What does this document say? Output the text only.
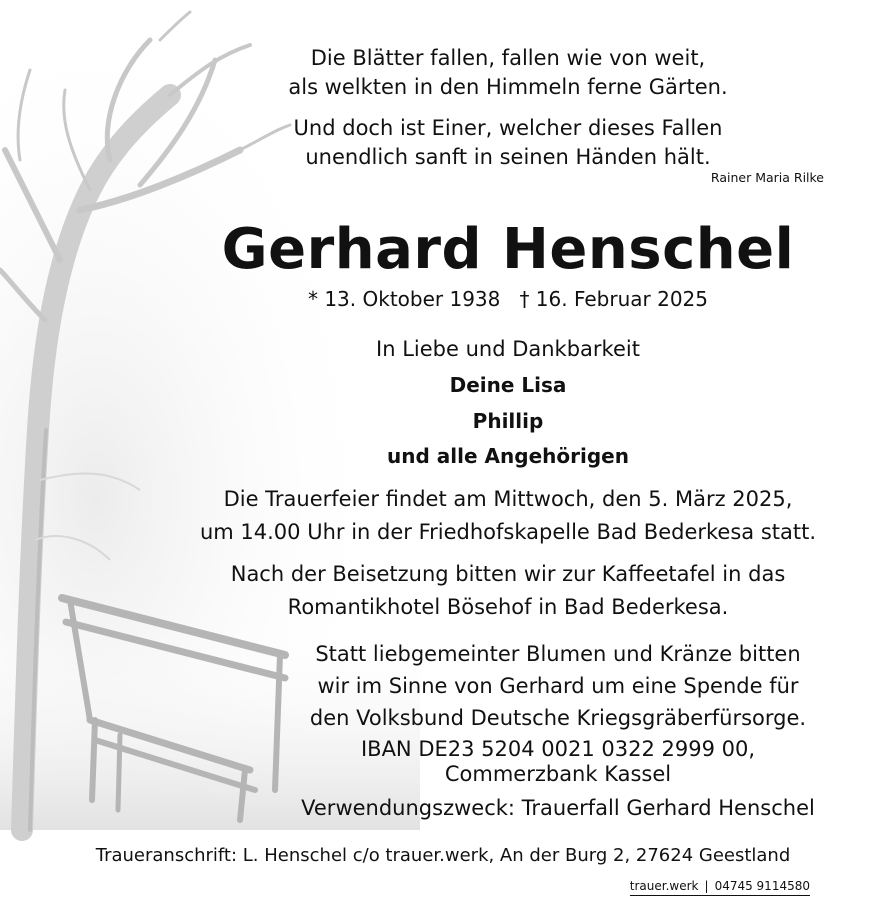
Die Blätter fallen, fallen wie von weit,
als welkten in den Himmeln ferne Gärten.
Und doch ist Einer, welcher dieses Fallen
unendlich sanft in seinen Händen hält.
Rainer Maria Rilke
Gerhard Henschel
* 13. Oktober 1938   † 16. Februar 2025
In Liebe und Dankbarkeit
Deine Lisa
Phillip
und alle Angehörigen
Die Trauerfeier findet am Mittwoch, den 5. März 2025,
um 14.00 Uhr in der Friedhofskapelle Bad Bederkesa statt.
Nach der Beisetzung bitten wir zur Kaffeetafel in das
Romantikhotel Bösehof in Bad Bederkesa.
Statt liebgemeinter Blumen und Kränze bitten
wir im Sinne von Gerhard um eine Spende für
den Volksbund Deutsche Kriegsgräberfürsorge.
IBAN DE23 5204 0021 0322 2999 00,
Commerzbank Kassel
Verwendungszweck: Trauerfall Gerhard Henschel
Traueranschrift: L. Henschel c/o trauer.werk, An der Burg 2, 27624 Geestland
trauer.werk | 04745 9114580
